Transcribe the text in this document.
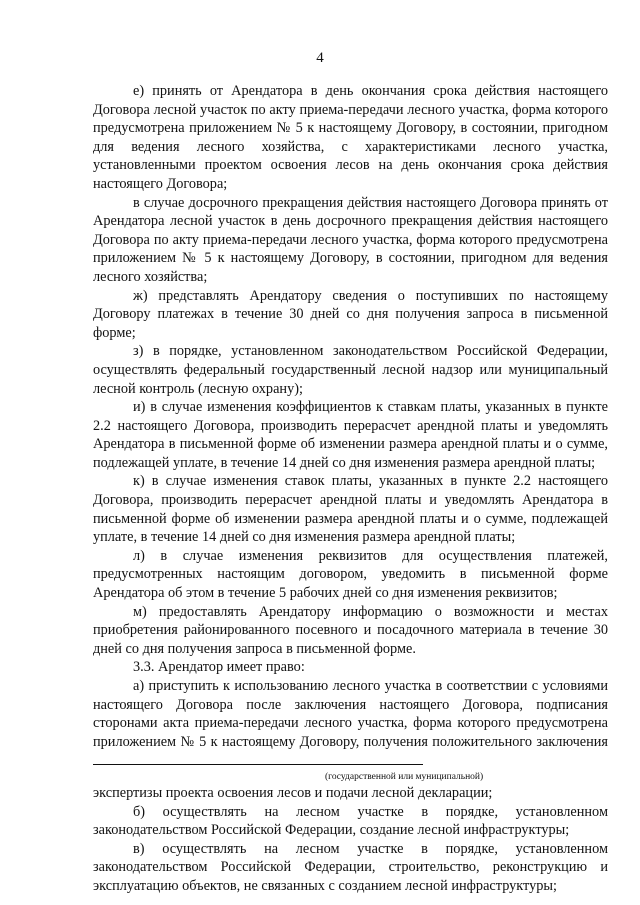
4

е) принять от Арендатора в день окончания срока действия настоящего Договора лесной участок по акту приема-передачи лесного участка, форма которого предусмотрена приложением № 5 к настоящему Договору, в состоянии, пригодном для ведения лесного хозяйства, с характеристиками лесного участка, установленными проектом освоения лесов на день окончания срока действия настоящего Договора;

в случае досрочного прекращения действия настоящего Договора принять от Арендатора лесной участок в день досрочного прекращения действия настоящего Договора по акту приема-передачи лесного участка, форма которого предусмотрена приложением № 5 к настоящему Договору, в состоянии, пригодном для ведения лесного хозяйства;

ж) представлять Арендатору сведения о поступивших по настоящему Договору платежах в течение 30 дней со дня получения запроса в письменной форме;

з) в порядке, установленном законодательством Российской Федерации, осуществлять федеральный государственный лесной надзор или муниципальный лесной контроль (лесную охрану);

и) в случае изменения коэффициентов к ставкам платы, указанных в пункте 2.2 настоящего Договора, производить перерасчет арендной платы и уведомлять Арендатора в письменной форме об изменении размера арендной платы и о сумме, подлежащей уплате, в течение 14 дней со дня изменения размера арендной платы;

к) в случае изменения ставок платы, указанных в пункте 2.2 настоящего Договора, производить перерасчет арендной платы и уведомлять Арендатора в письменной форме об изменении размера арендной платы и о сумме, подлежащей уплате, в течение 14 дней со дня изменения размера арендной платы;

л) в случае изменения реквизитов для осуществления платежей, предусмотренных настоящим договором, уведомить в письменной форме Арендатора об этом в течение 5 рабочих дней со дня изменения реквизитов;

м) предоставлять Арендатору информацию о возможности и местах приобретения районированного посевного и посадочного материала в течение 30 дней со дня получения запроса в письменной форме.

3.3. Арендатор имеет право:

а) приступить к использованию лесного участка в соответствии с условиями настоящего Договора после заключения настоящего Договора, подписания сторонами акта приема-передачи лесного участка, форма которого предусмотрена приложением № 5 к настоящему Договору, получения положительного заключения

(государственной или муниципальной)

экспертизы проекта освоения лесов и подачи лесной декларации;

б) осуществлять на лесном участке в порядке, установленном законодательством Российской Федерации, создание лесной инфраструктуры;

в) осуществлять на лесном участке в порядке, установленном законодательством Российской Федерации, строительство, реконструкцию и эксплуатацию объектов, не связанных с созданием лесной инфраструктуры;
